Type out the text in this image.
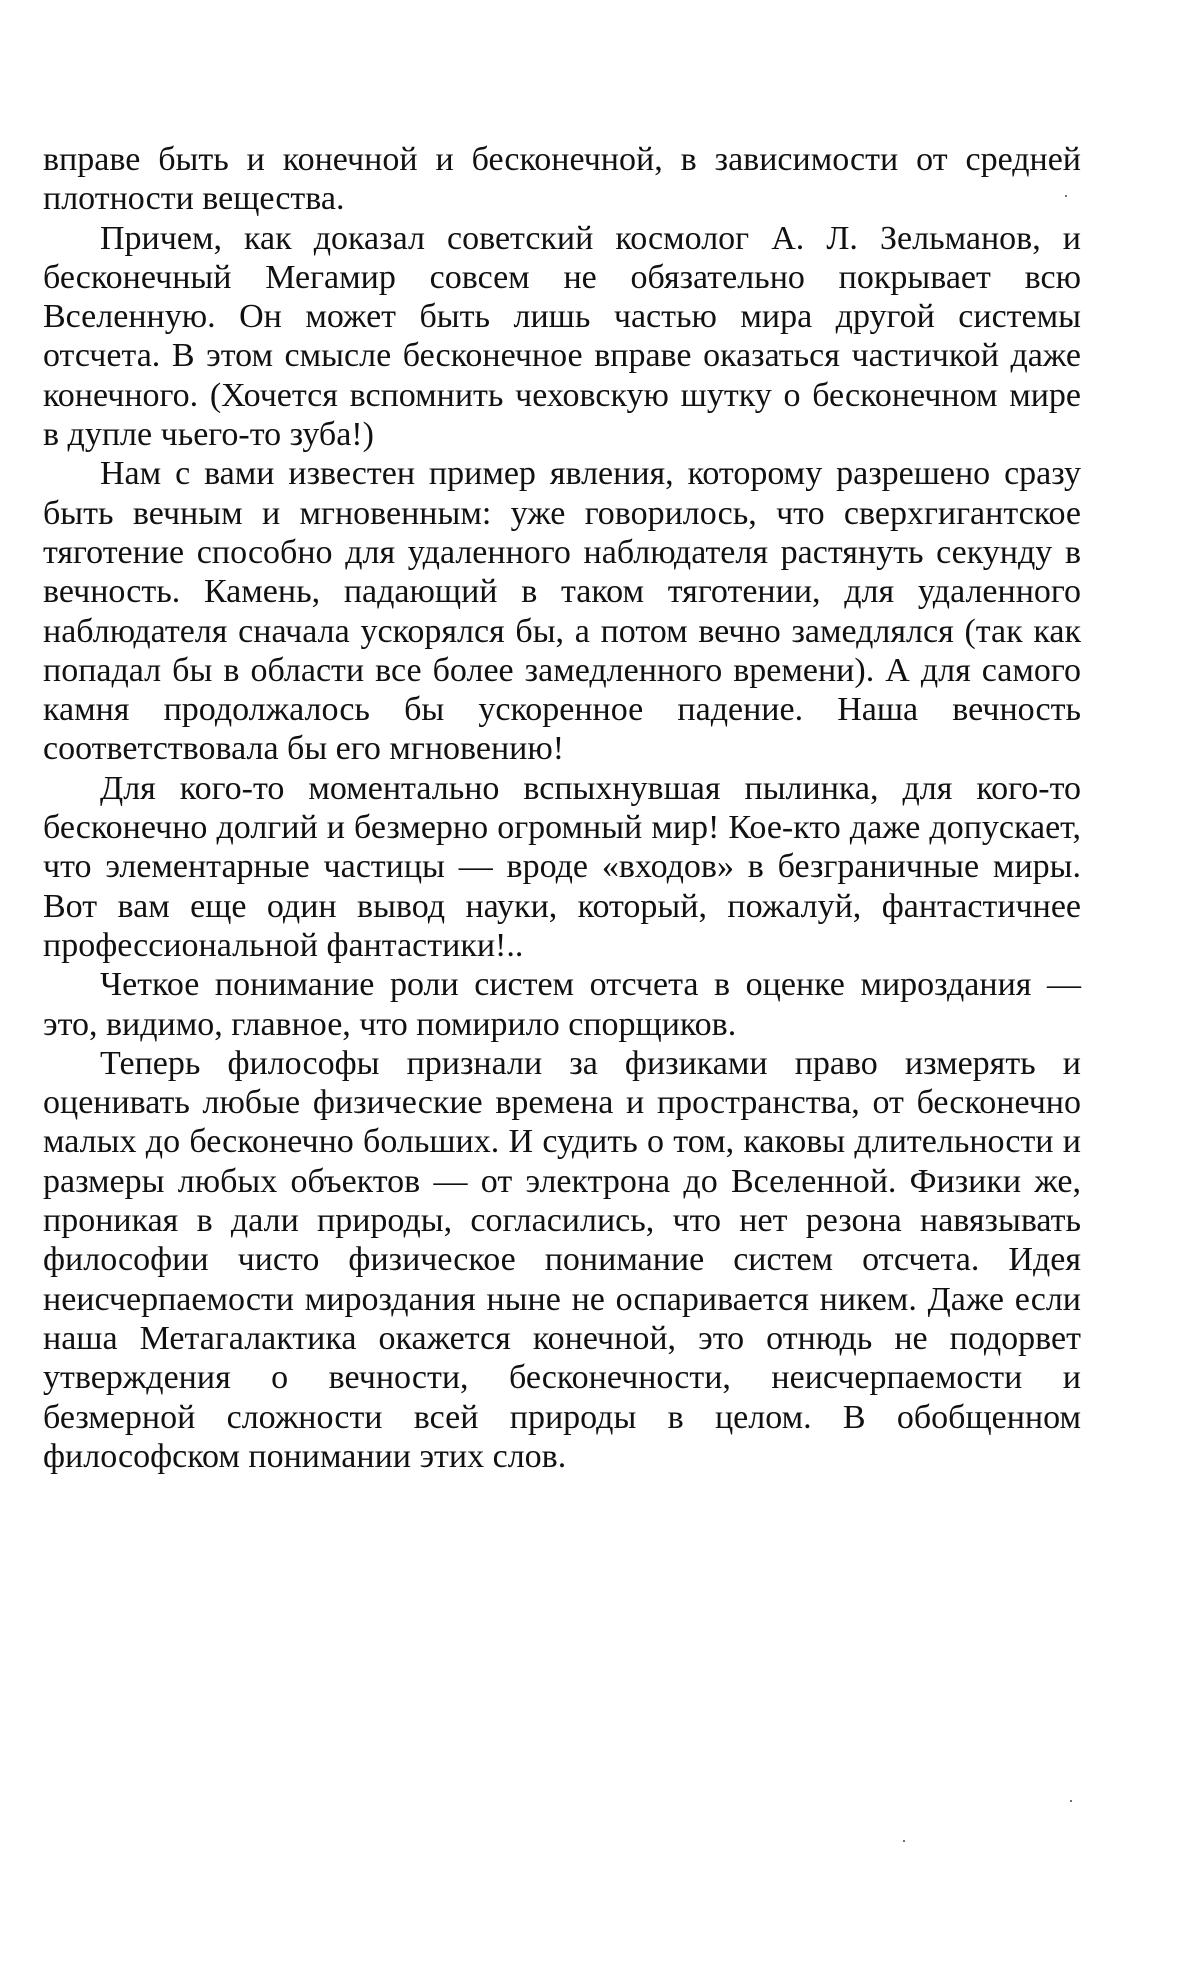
вправе быть и конечной и бесконечной, в зависимости от средней плотности вещества.

Причем, как доказал советский космолог А. Л. Зельманов, и бесконечный Мегамир совсем не обязательно покрывает всю Вселенную. Он может быть лишь частью мира другой системы отсчета. В этом смысле бесконечное вправе оказаться частичкой даже конечного. (Хочется вспомнить чеховскую шутку о бесконечном мире в дупле чьего-то зуба!)

Нам с вами известен пример явления, которому разрешено сразу быть вечным и мгновенным: уже говорилось, что сверхгигантское тяготение способно для удаленного наблюдателя растянуть секунду в вечность. Камень, падающий в таком тяготении, для удаленного наблюдателя сначала ускорялся бы, а потом вечно замедлялся (так как попадал бы в области все более замедленного времени). А для самого камня продолжалось бы ускоренное падение. Наша вечность соответствовала бы его мгновению!

Для кого-то моментально вспыхнувшая пылинка, для кого-то бесконечно долгий и безмерно огромный мир! Кое-кто даже допускает, что элементарные частицы — вроде «входов» в безграничные миры. Вот вам еще один вывод науки, который, пожалуй, фантастичнее профессиональной фантастики!..

Четкое понимание роли систем отсчета в оценке мироздания — это, видимо, главное, что помирило спорщиков.

Теперь философы признали за физиками право измерять и оценивать любые физические времена и пространства, от бесконечно малых до бесконечно больших. И судить о том, каковы длительности и размеры любых объектов — от электрона до Вселенной. Физики же, проникая в дали природы, согласились, что нет резона навязывать философии чисто физическое понимание систем отсчета. Идея неисчерпаемости мироздания ныне не оспаривается никем. Даже если наша Метагалактика окажется конечной, это отнюдь не подорвет утверждения о вечности, бесконечности, неисчерпаемости и безмерной сложности всей природы в целом. В обобщенном философском понимании этих слов.
